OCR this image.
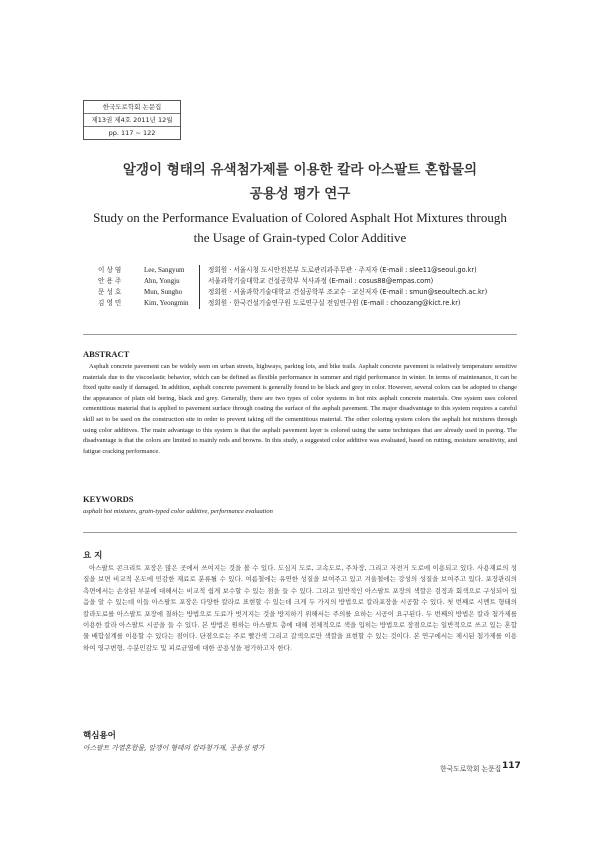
한국도로학회 논문집
제13권 제4호 2011년 12월
pp. 117 ~ 122
알갱이 형태의 유색첨가제를 이용한 칼라 아스팔트 혼합물의
공용성 평가 연구
Study on the Performance Evaluation of Colored Asphalt Hot Mixtures through
the Usage of Grain-typed Color Additive
이 상 염	Lee, Sangyum	정회원 · 서울시청 도시안전본부 도로관리과주무관 · 주저자 (E-mail : slee11@seoul.go.kr)
안 용 주	Ahn, Yongju	서울과학기술대학교 건설공학부 석사과정 (E-mail : cosus88@empas.com)
문 성 호	Mun, Sungho	정회원 · 서울과학기술대학교 건설공학부 조교수 · 교신저자 (E-mail : smun@seoultech.ac.kr)
김 영 민	Kim, Yeongmin	정회원 · 한국건설기술연구원 도로연구실 전임연구원 (E-mail : choozang@kict.re.kr)
ABSTRACT

Asphalt concrete pavement can be widely seen on urban streets, highways, parking lots, and bike trails. Asphalt concrete pavement is relatively temperature sensitive materials due to the viscoelastic behavior, which can be defined as flexible performance in summer and rigid performance in winter. In terms of maintenance, it can be fixed quite easily if damaged. In addition, asphalt concrete pavement is generally found to be black and grey in color. However, several colors can be adopted to change the appearance of plain old boring, black and grey. Generally, there are two types of color systems in hot mix asphalt concrete materials. One system uses colored cementitious material that is applied to pavement surface through coating the surface of the asphalt pavement. The major disadvantage to this system requires a careful skill set to be used on the construction site in order to prevent taking off the cementitious material. The other coloring system colors the asphalt hot mixtures through using color additives. The main advantage to this system is that the asphalt pavement layer is colored using the same techniques that are already used in paving. The disadvantage is that the colors are limited to mainly reds and browns. In this study, a suggested color additive was evaluated, based on rutting, moisture sensitivity, and fatigue cracking performance.

KEYWORDS
asphalt hot mixtures, grain-typed color additive, performance evaluation
요 지

아스팔트 콘크리트 포장은 많은 곳에서 쓰여지는 것을 볼 수 있다. 도심지 도로, 고속도로, 주차장, 그리고 자전거 도로에 이용되고 있다. 사용재료의 성질을 보면 비교적 온도에 민감한 재료로 분류될 수 있다. 여름철에는 유연한 성질을 보여주고 있고 겨울철에는 강성의 성질을 보여주고 있다. 포장관리의 측면에서는 손상된 부분에 대해서는 비교적 쉽게 보수할 수 있는 점을 들 수 있다. 그리고 일반적인 아스팔트 포장의 색깔은 검정과 회색으로 구성되어 있음을 알 수 있는데 이들 아스팔트 포장은 다양한 칼라로 표현할 수 있는데 크게 두 가지의 방법으로 칼라포장을 시공할 수 있다. 첫 번째로 시멘트 형태의 칼라도료를 아스팔트 포장에 칠하는 방법으로 도료가 벗겨지는 것을 방지하기 위해서는 주의를 요하는 시공이 요구된다. 두 번째의 방법은 칼라 첨가제를 이용한 칼라 아스팔트 시공을 들 수 있다. 본 방법은 원하는 아스팔트 층에 대해 전체적으로 색을 입히는 방법으로 장점으로는 일반적으로 쓰고 있는 혼합물 배합설계를 이용할 수 있다는 점이다. 단점으로는 주로 빨간색 그리고 갈색으로만 색깔을 표현할 수 있는 것이다. 본 연구에서는 제시된 첨가제를 이용하여 영구변형, 수분민감도 및 피로균열에 대한 공용성을 평가하고자 한다.

핵심용어
아스팔트 가열혼합물, 알갱이 형태의 칼라첨가제, 공용성 평가
한국도로학회 논문집 117
